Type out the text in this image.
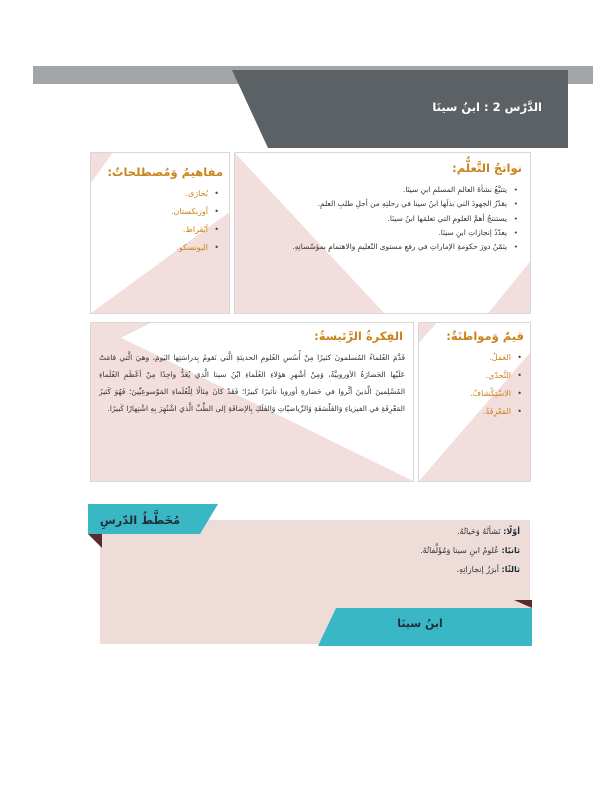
الدَّرْس 2 : ابنُ سينَا
نواتجُ التَّعلُّم:
• يتتبَّعُ نشأةَ العالمِ المسلمِ ابنِ سينَا.
• يقدّرُ الجهودَ التي بذلَها ابنُ سينا في رحلتِهِ من أجلِ طلبِ العلمِ.
• يستنتجُ أهمَّ العلومِ التي تعلمَها ابنُ سينَا.
• يعدّدُ إنجازاتِ ابنِ سينَا.
• يثمّنُ دورَ حكومةِ الإماراتِ في رفعِ مستوى التّعليمِ والاهتمامِ بمؤسّساتِهِ.
مفاهيمُ وَمُصطلحاتٌ:
• بُخارَى.
• أوزبكستان.
• أبُقراط.
• اليونسكو.
الفِكرةُ الرَّئيسةُ:
قَدَّمَ العُلماءُ المُسلمونَ كثيرًا مِنْ أُسُسِ العُلومِ الحديثةِ الَّتي نَقومُ بِدراسَتِها اليَومَ، وهيَ الَّتي قامَتْ عَلَيْها الحَضارَةُ الأوروبيَّةُ، وَمِنْ أشْهرِ هؤلاءِ العُلَماءِ ابْنُ سينا الَّذي يُعَدُّ واحِدًا مِنْ أعْظَمِ العُلَماءِ المُسْلِمينَ الَّذينَ أثَّروا في حَضارةِ أوروبا تأثيرًا كبيرًا؛ فَقَدْ كانَ مِثالًا لِلْعُلَماءِ المَوْسوعِيِّينَ؛ فَهُوَ كَثيرُ المَعْرِفَةِ في الفيزياءِ وَالفَلْسَفَةِ وَالرِّياضيّاتِ وَالفَلَكِ بِالإضافَةِ إلى الطِّبِّ الَّذي اشْتُهِرَ بِهِ اشْتِهارًا كَبيرًا.
قيمٌ وَمواطنَةٌ:
• العَمَلُ.
• التَّحدّي.
• الاسْتِكْشافُ.
• المَعْرِفَةُ.
مُخَطَّطُ الدّرسِ
أوّلًا: نَشأتُهُ وَحَياتُهُ.
ثانيًا: عُلومُ ابنِ سينا وَمُؤَلَّفاتُهُ.
ثالثًا: أبرَزُ إنجازاتِهِ.
ابنُ سينَا
